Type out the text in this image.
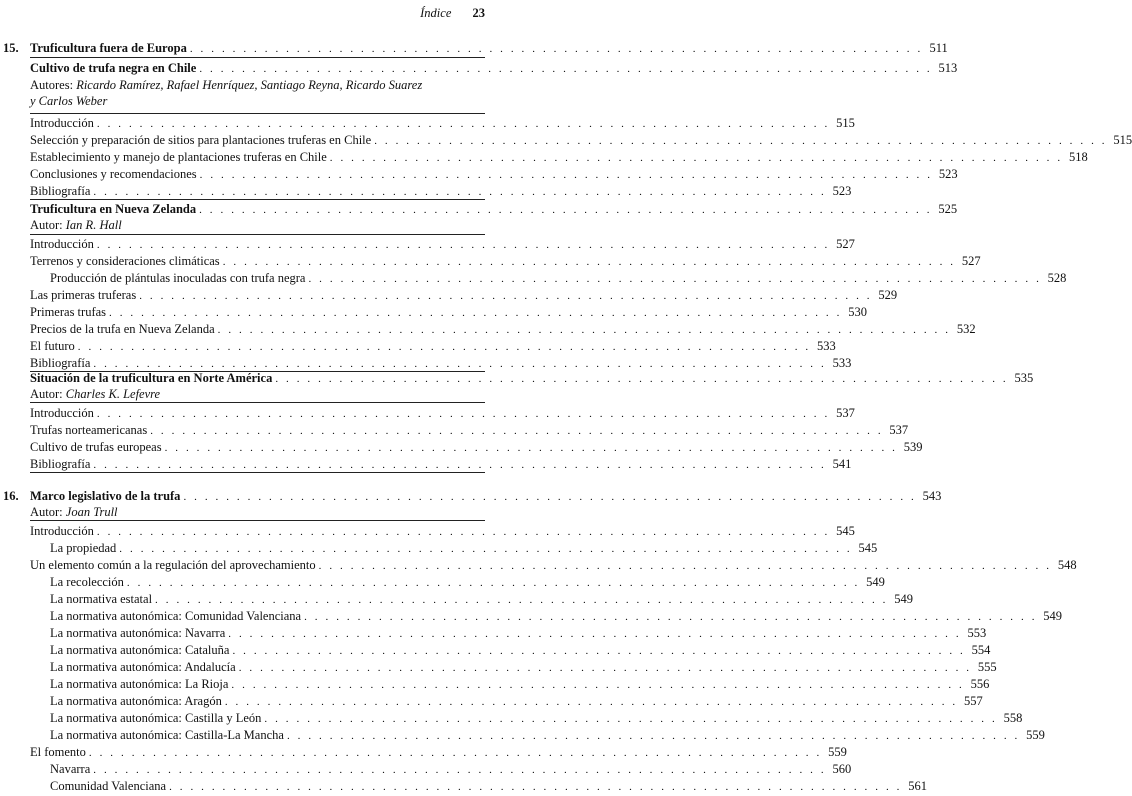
Índice 23
15. Truficultura fuera de Europa . . . . . . . . . . . . . . . . . . . . . . . . . . . . . . . . . . . . . . . . . . . . . . . . . . . . . . . . . . . . . . . . . . . . . 511
Cultivo de trufa negra en Chile . . . . . . . . . . . . . . . . . . . . . . . . . . . . . . . . . . . . . . . . . . . . . . . . . . . . . . . . . . . . . . . . . . . . . 513
Autores: Ricardo Ramírez, Rafael Henríquez, Santiago Reyna, Ricardo Suarez
y Carlos Weber
Introducción . . . . . . . . . . . . . . . . . . . . . . . . . . . . . . . . . . . . . . . . . . . . . . . . . . . . . . . . . . . . . . . . . . . . . 515
Selección y preparación de sitios para plantaciones truferas en Chile . . . . . . . . . . . . . . . . . . . . . . . . . . . . . . . . . . . . . . . . . . . . . . . . . . . . . . . . . . . . . . . . . . . . . 515
Establecimiento y manejo de plantaciones truferas en Chile . . . . . . . . . . . . . . . . . . . . . . . . . . . . . . . . . . . . . . . . . . . . . . . . . . . . . . . . . . . . . . . . . . . . . 518
Conclusiones y recomendaciones . . . . . . . . . . . . . . . . . . . . . . . . . . . . . . . . . . . . . . . . . . . . . . . . . . . . . . . . . . . . . . . . . . . . . 523
Bibliografía . . . . . . . . . . . . . . . . . . . . . . . . . . . . . . . . . . . . . . . . . . . . . . . . . . . . . . . . . . . . . . . . . . . . . 523
Truficultura en Nueva Zelanda . . . . . . . . . . . . . . . . . . . . . . . . . . . . . . . . . . . . . . . . . . . . . . . . . . . . . . . . . . . . . . . . . . . . . 525
Autor: Ian R. Hall
Introducción . . . . . . . . . . . . . . . . . . . . . . . . . . . . . . . . . . . . . . . . . . . . . . . . . . . . . . . . . . . . . . . . . . . . . 527
Terrenos y consideraciones climáticas . . . . . . . . . . . . . . . . . . . . . . . . . . . . . . . . . . . . . . . . . . . . . . . . . . . . . . . . . . . . . . . . . . . . . 527
Producción de plántulas inoculadas con trufa negra . . . . . . . . . . . . . . . . . . . . . . . . . . . . . . . . . . . . . . . . . . . . . . . . . . . . . . . . . . . . . . . . . . . . . 528
Las primeras truferas . . . . . . . . . . . . . . . . . . . . . . . . . . . . . . . . . . . . . . . . . . . . . . . . . . . . . . . . . . . . . . . . . . . . . 529
Primeras trufas . . . . . . . . . . . . . . . . . . . . . . . . . . . . . . . . . . . . . . . . . . . . . . . . . . . . . . . . . . . . . . . . . . . . . 530
Precios de la trufa en Nueva Zelanda . . . . . . . . . . . . . . . . . . . . . . . . . . . . . . . . . . . . . . . . . . . . . . . . . . . . . . . . . . . . . . . . . . . . . 532
El futuro . . . . . . . . . . . . . . . . . . . . . . . . . . . . . . . . . . . . . . . . . . . . . . . . . . . . . . . . . . . . . . . . . . . . . 533
Bibliografía . . . . . . . . . . . . . . . . . . . . . . . . . . . . . . . . . . . . . . . . . . . . . . . . . . . . . . . . . . . . . . . . . . . . . 533
Situación de la truficultura en Norte América . . . . . . . . . . . . . . . . . . . . . . . . . . . . . . . . . . . . . . . . . . . . . . . . . . . . . . . . . . . . . . . . . . . . . 535
Autor: Charles K. Lefevre
Introducción . . . . . . . . . . . . . . . . . . . . . . . . . . . . . . . . . . . . . . . . . . . . . . . . . . . . . . . . . . . . . . . . . . . . . 537
Trufas norteamericanas . . . . . . . . . . . . . . . . . . . . . . . . . . . . . . . . . . . . . . . . . . . . . . . . . . . . . . . . . . . . . . . . . . . . . 537
Cultivo de trufas europeas . . . . . . . . . . . . . . . . . . . . . . . . . . . . . . . . . . . . . . . . . . . . . . . . . . . . . . . . . . . . . . . . . . . . . 539
Bibliografía . . . . . . . . . . . . . . . . . . . . . . . . . . . . . . . . . . . . . . . . . . . . . . . . . . . . . . . . . . . . . . . . . . . . . 541
16. Marco legislativo de la trufa . . . . . . . . . . . . . . . . . . . . . . . . . . . . . . . . . . . . . . . . . . . . . . . . . . . . . . . . . . . . . . . . . . . . . 543
Autor: Joan Trull
Introducción . . . . . . . . . . . . . . . . . . . . . . . . . . . . . . . . . . . . . . . . . . . . . . . . . . . . . . . . . . . . . . . . . . . . . 545
La propiedad . . . . . . . . . . . . . . . . . . . . . . . . . . . . . . . . . . . . . . . . . . . . . . . . . . . . . . . . . . . . . . . . . . . . . 545
Un elemento común a la regulación del aprovechamiento . . . . . . . . . . . . . . . . . . . . . . . . . . . . . . . . . . . . . . . . . . . . . . . . . . . . . . . . . . . . . . . . . . . . . 548
La recolección . . . . . . . . . . . . . . . . . . . . . . . . . . . . . . . . . . . . . . . . . . . . . . . . . . . . . . . . . . . . . . . . . . . . . 549
La normativa estatal . . . . . . . . . . . . . . . . . . . . . . . . . . . . . . . . . . . . . . . . . . . . . . . . . . . . . . . . . . . . . . . . . . . . . 549
La normativa autonómica: Comunidad Valenciana . . . . . . . . . . . . . . . . . . . . . . . . . . . . . . . . . . . . . . . . . . . . . . . . . . . . . . . . . . . . . . . . . . . . . 549
La normativa autonómica: Navarra . . . . . . . . . . . . . . . . . . . . . . . . . . . . . . . . . . . . . . . . . . . . . . . . . . . . . . . . . . . . . . . . . . . . . 553
La normativa autonómica: Cataluña . . . . . . . . . . . . . . . . . . . . . . . . . . . . . . . . . . . . . . . . . . . . . . . . . . . . . . . . . . . . . . . . . . . . . 554
La normativa autonómica: Andalucía . . . . . . . . . . . . . . . . . . . . . . . . . . . . . . . . . . . . . . . . . . . . . . . . . . . . . . . . . . . . . . . . . . . . . 555
La normativa autonómica: La Rioja . . . . . . . . . . . . . . . . . . . . . . . . . . . . . . . . . . . . . . . . . . . . . . . . . . . . . . . . . . . . . . . . . . . . . 556
La normativa autonómica: Aragón . . . . . . . . . . . . . . . . . . . . . . . . . . . . . . . . . . . . . . . . . . . . . . . . . . . . . . . . . . . . . . . . . . . . . 557
La normativa autonómica: Castilla y León . . . . . . . . . . . . . . . . . . . . . . . . . . . . . . . . . . . . . . . . . . . . . . . . . . . . . . . . . . . . . . . . . . . . . 558
La normativa autonómica: Castilla-La Mancha . . . . . . . . . . . . . . . . . . . . . . . . . . . . . . . . . . . . . . . . . . . . . . . . . . . . . . . . . . . . . . . . . . . . . 559
El fomento . . . . . . . . . . . . . . . . . . . . . . . . . . . . . . . . . . . . . . . . . . . . . . . . . . . . . . . . . . . . . . . . . . . . . 559
Navarra . . . . . . . . . . . . . . . . . . . . . . . . . . . . . . . . . . . . . . . . . . . . . . . . . . . . . . . . . . . . . . . . . . . . . 560
Comunidad Valenciana . . . . . . . . . . . . . . . . . . . . . . . . . . . . . . . . . . . . . . . . . . . . . . . . . . . . . . . . . . . . . . . . . . . . . 561
